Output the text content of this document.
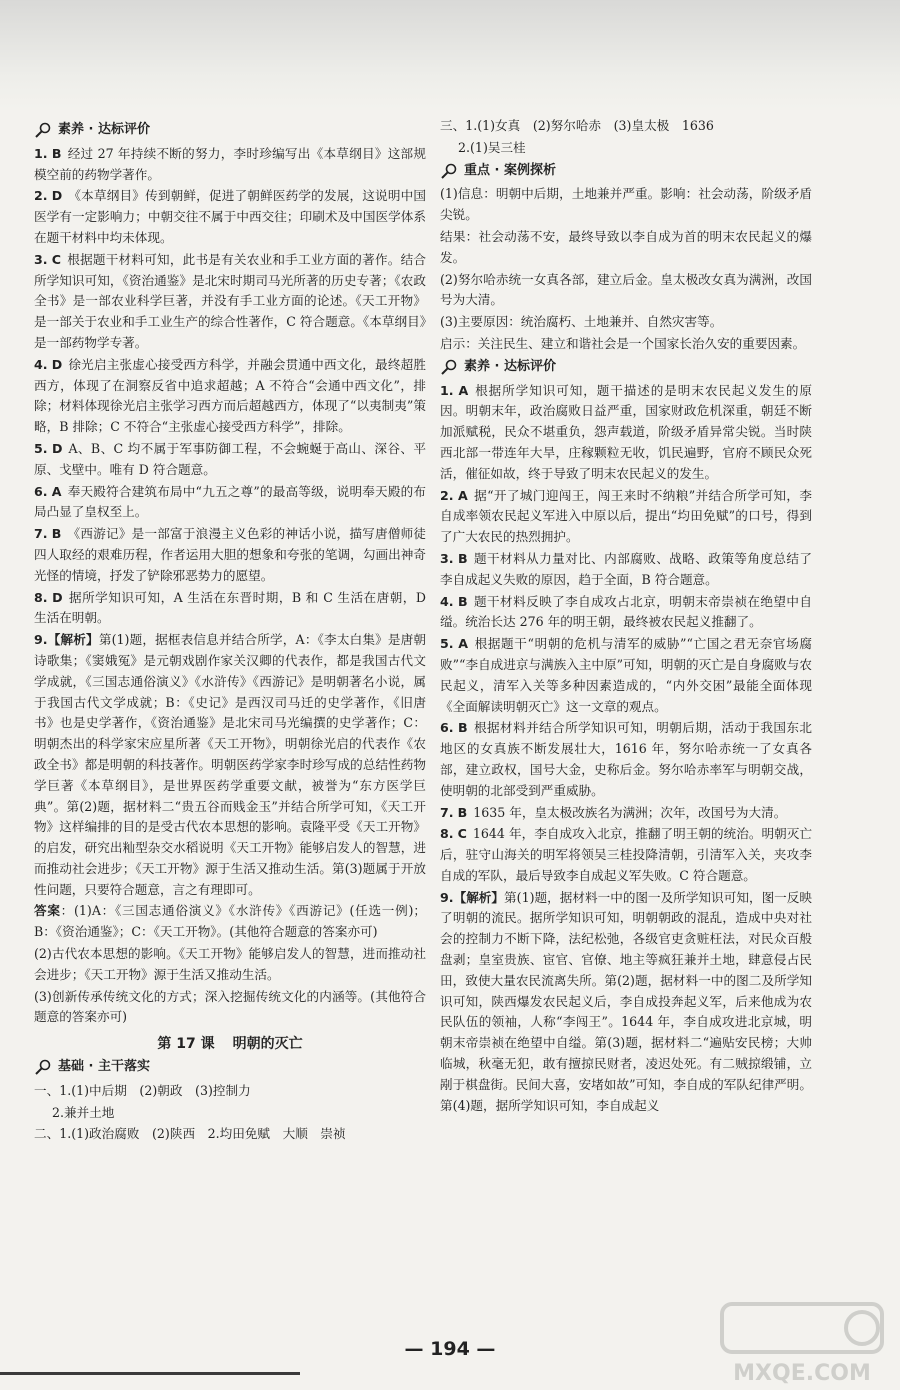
素养 · 达标评价

1. B 经过 27 年持续不断的努力，李时珍编写出《本草纲目》这部规模空前的药物学著作。

2. D 《本草纲目》传到朝鲜，促进了朝鲜医药学的发展，这说明中国医学有一定影响力；中朝交往不属于中西交往；印刷术及中国医学体系在题干材料中均未体现。

3. C 根据题干材料可知，此书是有关农业和手工业方面的著作。结合所学知识可知，《资治通鉴》是北宋时期司马光所著的历史专著；《农政全书》是一部农业科学巨著，并没有手工业方面的论述。《天工开物》是一部关于农业和手工业生产的综合性著作，C 符合题意。《本草纲目》是一部药物学专著。

4. D 徐光启主张虚心接受西方科学，并融会贯通中西文化，最终超胜西方，体现了在洞察反省中追求超越；A 不符合“会通中西文化”，排除；材料体现徐光启主张学习西方而后超越西方，体现了“以夷制夷”策略，B 排除；C 不符合“主张虚心接受西方科学”，排除。

5. D A、B、C 均不属于军事防御工程，不会蜿蜒于高山、深谷、平原、戈壁中。唯有 D 符合题意。

6. A 奉天殿符合建筑布局中“九五之尊”的最高等级，说明奉天殿的布局凸显了皇权至上。

7. B 《西游记》是一部富于浪漫主义色彩的神话小说，描写唐僧师徒四人取经的艰难历程，作者运用大胆的想象和夸张的笔调，勾画出神奇光怪的情境，抒发了铲除邪恶势力的愿望。

8. D 据所学知识可知，A 生活在东晋时期，B 和 C 生活在唐朝，D 生活在明朝。

9.【解析】第(1)题，据框表信息并结合所学，A：《李太白集》是唐朝诗歌集；《窦娥冤》是元朝戏剧作家关汉卿的代表作，都是我国古代文学成就，《三国志通俗演义》《水浒传》《西游记》是明朝著名小说，属于我国古代文学成就；B：《史记》是西汉司马迁的史学著作，《旧唐书》也是史学著作，《资治通鉴》是北宋司马光编撰的史学著作；C：明朝杰出的科学家宋应星所著《天工开物》，明朝徐光启的代表作《农政全书》都是明朝的科技著作。明朝医药学家李时珍写成的总结性药物学巨著《本草纲目》，是世界医药学重要文献，被誉为“东方医学巨典”。第(2)题，据材料二“贵五谷而贱金玉”并结合所学可知，《天工开物》这样编排的目的是受古代农本思想的影响。袁隆平受《天工开物》的启发，研究出籼型杂交水稻说明《天工开物》能够启发人的智慧，进而推动社会进步；《天工开物》源于生活又推动生活。第(3)题属于开放性问题，只要符合题意，言之有理即可。

答案：(1)A：《三国志通俗演义》《水浒传》《西游记》(任选一例)；B：《资治通鉴》；C：《天工开物》。(其他符合题意的答案亦可)

(2)古代农本思想的影响。《天工开物》能够启发人的智慧，进而推动社会进步；《天工开物》源于生活又推动生活。

(3)创新传承传统文化的方式；深入挖掘传统文化的内涵等。(其他符合题意的答案亦可)

第 17 课 明朝的灭亡
基础 · 主干落实

一、1.(1)中后期　(2)朝政　(3)控制力

2.兼并土地

二、1.(1)政治腐败　(2)陕西　2.均田免赋　大顺　崇祯

三、1.(1)女真　(2)努尔哈赤　(3)皇太极　1636

2.(1)吴三桂

重点 · 案例探析

(1)信息：明朝中后期，土地兼并严重。影响：社会动荡，阶级矛盾尖锐。

结果：社会动荡不安，最终导致以李自成为首的明末农民起义的爆发。

(2)努尔哈赤统一女真各部，建立后金。皇太极改女真为满洲，改国号为大清。

(3)主要原因：统治腐朽、土地兼并、自然灾害等。

启示：关注民生、建立和谐社会是一个国家长治久安的重要因素。

素养 · 达标评价

1. A 根据所学知识可知，题干描述的是明末农民起义发生的原因。明朝末年，政治腐败日益严重，国家财政危机深重，朝廷不断加派赋税，民众不堪重负，怨声载道，阶级矛盾异常尖锐。当时陕西北部一带连年大旱，庄稼颗粒无收，饥民遍野，官府不顾民众死活，催征如故，终于导致了明末农民起义的发生。

2. A 据“开了城门迎闯王，闯王来时不纳粮”并结合所学可知，李自成率领农民起义军进入中原以后，提出“均田免赋”的口号，得到了广大农民的热烈拥护。

3. B 题干材料从力量对比、内部腐败、战略、政策等角度总结了李自成起义失败的原因，趋于全面，B 符合题意。

4. B 题干材料反映了李自成攻占北京，明朝末帝崇祯在绝望中自缢。统治长达 276 年的明王朝，最终被农民起义推翻了。

5. A 根据题干“明朝的危机与清军的威胁”“亡国之君无奈官场腐败”“李自成进京与满族入主中原”可知，明朝的灭亡是自身腐败与农民起义，清军入关等多种因素造成的，“内外交困”最能全面体现《全面解读明朝灭亡》这一文章的观点。

6. B 根据材料并结合所学知识可知，明朝后期，活动于我国东北地区的女真族不断发展壮大，1616 年，努尔哈赤统一了女真各部，建立政权，国号大金，史称后金。努尔哈赤率军与明朝交战，使明朝的北部受到严重威胁。

7. B 1635 年，皇太极改族名为满洲；次年，改国号为大清。

8. C 1644 年，李自成攻入北京，推翻了明王朝的统治。明朝灭亡后，驻守山海关的明军将领吴三桂投降清朝，引清军入关，夹攻李自成的军队，最后导致李自成起义军失败。C 符合题意。

9.【解析】第(1)题，据材料一中的图一及所学知识可知，图一反映了明朝的流民。据所学知识可知，明朝朝政的混乱，造成中央对社会的控制力不断下降，法纪松弛，各级官吏贪赃枉法，对民众百般盘剥；皇室贵族、宦官、官僚、地主等疯狂兼并土地，肆意侵占民田，致使大量农民流离失所。第(2)题，据材料一中的图二及所学知识可知，陕西爆发农民起义后，李自成投奔起义军，后来他成为农民队伍的领袖，人称“李闯王”。1644 年，李自成攻进北京城，明朝末帝崇祯在绝望中自缢。第(3)题，据材料二“遍贴安民榜；大帅临城，秋毫无犯，敢有擅掠民财者，凌迟处死。有二贼掠缎铺，立剐于棋盘街。民间大喜，安堵如故”可知，李自成的军队纪律严明。第(4)题，据所学知识可知，李自成起义

— 194 —
MXQE.COM
